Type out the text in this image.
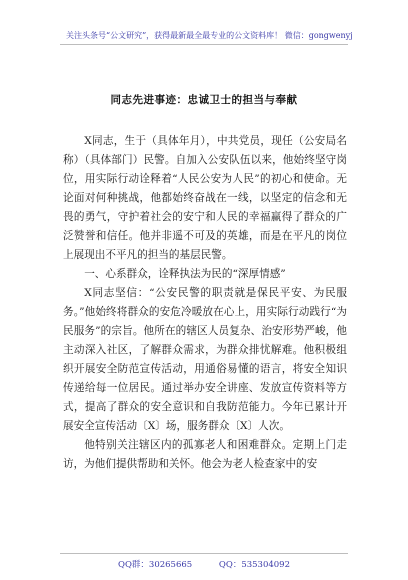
关注头条号“公文研究”，获得最新最全最专业的公文资料库！ 微信：gongwenyj
同志先进事迹：忠诚卫士的担当与奉献

X同志，生于（具体年月），中共党员，现任（公安局名称）（具体部门）民警。自加入公安队伍以来，他始终坚守岗位，用实际行动诠释着“人民公安为人民”的初心和使命。无论面对何种挑战，他都始终奋战在一线，以坚定的信念和无畏的勇气，守护着社会的安宁和人民的幸福赢得了群众的广泛赞誉和信任。他并非遥不可及的英雄，而是在平凡的岗位上展现出不平凡的担当的基层民警。

一、心系群众，诠释执法为民的“深厚情感”

X同志坚信：“公安民警的职责就是保民平安、为民服务。”他始终将群众的安危冷暖放在心上，用实际行动践行“为民服务”的宗旨。他所在的辖区人员复杂、治安形势严峻，他主动深入社区，了解群众需求，为群众排忧解难。他积极组织开展安全防范宣传活动，用通俗易懂的语言，将安全知识传递给每一位居民。通过举办安全讲座、发放宣传资料等方式，提高了群众的安全意识和自我防范能力。今年已累计开展安全宣传活动〔X〕场，服务群众〔X〕人次。

他特别关注辖区内的孤寡老人和困难群众。定期上门走访，为他们提供帮助和关怀。他会为老人检查家中的安

QQ群：30265665	QQ：535304092
